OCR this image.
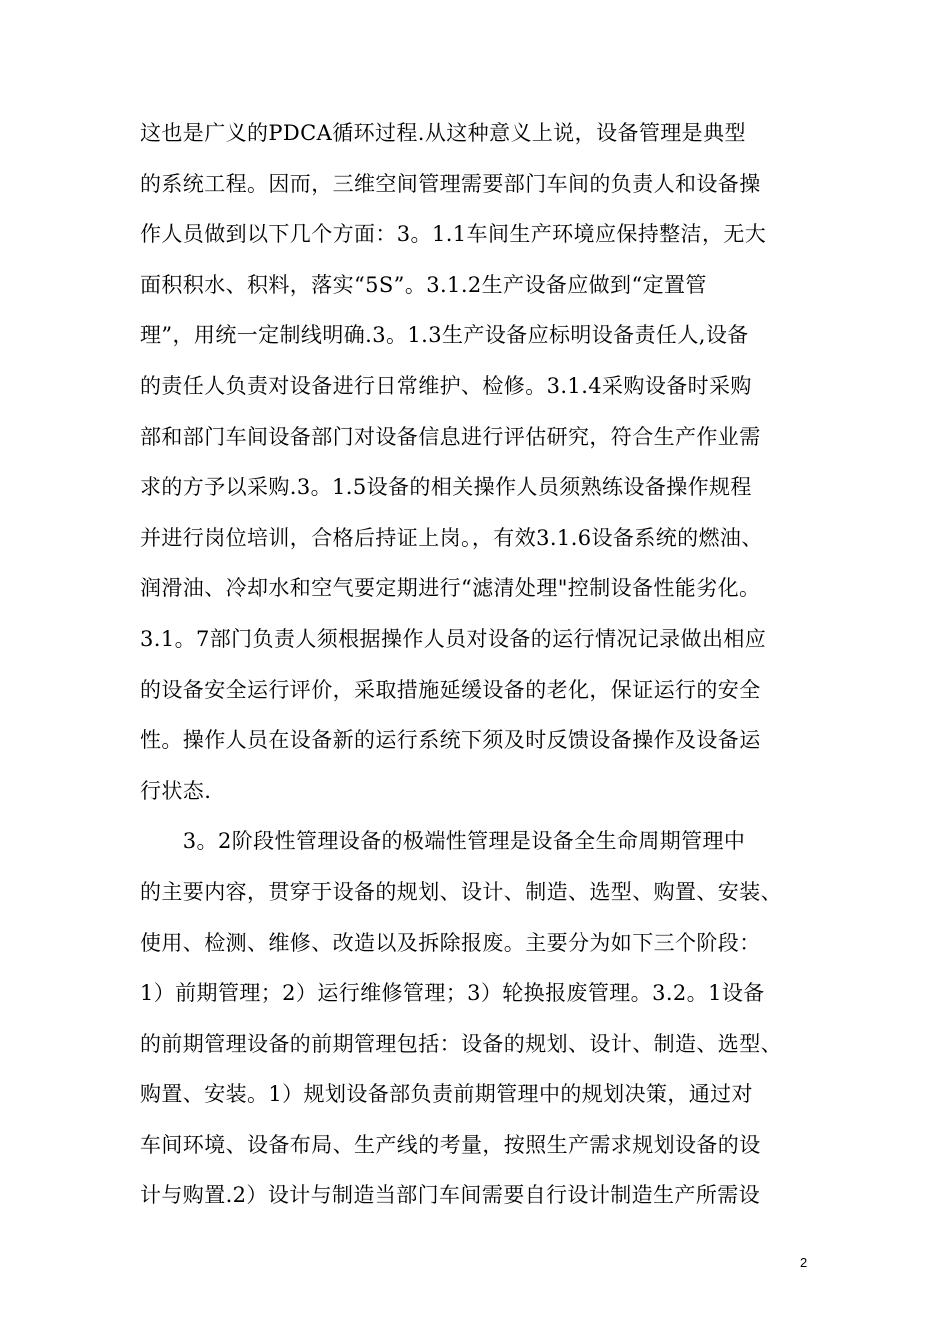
这也是广义的PDCA循环过程.从这种意义上说，设备管理是典型
的系统工程。因而，三维空间管理需要部门车间的负责人和设备操
作人员做到以下几个方面：3。1.1车间生产环境应保持整洁，无大
面积积水、积料，落实“5S”。3.1.2生产设备应做到“定置管
理”，用统一定制线明确.3。1.3生产设备应标明设备责任人,设备
的责任人负责对设备进行日常维护、检修。3.1.4采购设备时采购
部和部门车间设备部门对设备信息进行评估研究，符合生产作业需
求的方予以采购.3。1.5设备的相关操作人员须熟练设备操作规程
并进行岗位培训，合格后持证上岗。，有效3.1.6设备系统的燃油、
润滑油、冷却水和空气要定期进行“滤清处理"控制设备性能劣化。
3.1。7部门负责人须根据操作人员对设备的运行情况记录做出相应
的设备安全运行评价，采取措施延缓设备的老化，保证运行的安全
性。操作人员在设备新的运行系统下须及时反馈设备操作及设备运
行状态.
　　3。2阶段性管理设备的极端性管理是设备全生命周期管理中
的主要内容，贯穿于设备的规划、设计、制造、选型、购置、安装、
使用、检测、维修、改造以及拆除报废。主要分为如下三个阶段：
1）前期管理；2）运行维修管理；3）轮换报废管理。3.2。1设备
的前期管理设备的前期管理包括：设备的规划、设计、制造、选型、
购置、安装。1）规划设备部负责前期管理中的规划决策，通过对
车间环境、设备布局、生产线的考量，按照生产需求规划设备的设
计与购置.2）设计与制造当部门车间需要自行设计制造生产所需设
2
